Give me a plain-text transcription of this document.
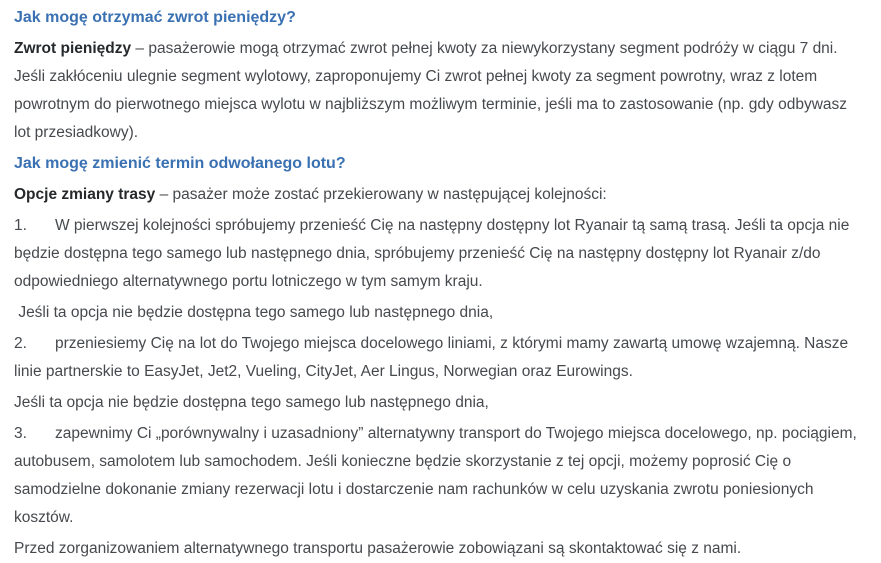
Jak mogę otrzymać zwrot pieniędzy?

Zwrot pieniędzy – pasażerowie mogą otrzymać zwrot pełnej kwoty za niewykorzystany segment podróży w ciągu 7 dni. Jeśli zakłóceniu ulegnie segment wylotowy, zaproponujemy Ci zwrot pełnej kwoty za segment powrotny, wraz z lotem powrotnym do pierwotnego miejsca wylotu w najbliższym możliwym terminie, jeśli ma to zastosowanie (np. gdy odbywasz lot przesiadkowy).

Jak mogę zmienić termin odwołanego lotu?

Opcje zmiany trasy – pasażer może zostać przekierowany w następującej kolejności:

1. W pierwszej kolejności spróbujemy przenieść Cię na następny dostępny lot Ryanair tą samą trasą. Jeśli ta opcja nie będzie dostępna tego samego lub następnego dnia, spróbujemy przenieść Cię na następny dostępny lot Ryanair z/do odpowiedniego alternatywnego portu lotniczego w tym samym kraju.

Jeśli ta opcja nie będzie dostępna tego samego lub następnego dnia,

2. przeniesiemy Cię na lot do Twojego miejsca docelowego liniami, z którymi mamy zawartą umowę wzajemną. Nasze linie partnerskie to EasyJet, Jet2, Vueling, CityJet, Aer Lingus, Norwegian oraz Eurowings.

Jeśli ta opcja nie będzie dostępna tego samego lub następnego dnia,

3. zapewnimy Ci „porównywalny i uzasadniony” alternatywny transport do Twojego miejsca docelowego, np. pociągiem, autobusem, samolotem lub samochodem. Jeśli konieczne będzie skorzystanie z tej opcji, możemy poprosić Cię o samodzielne dokonanie zmiany rezerwacji lotu i dostarczenie nam rachunków w celu uzyskania zwrotu poniesionych kosztów.

Przed zorganizowaniem alternatywnego transportu pasażerowie zobowiązani są skontaktować się z nami.
